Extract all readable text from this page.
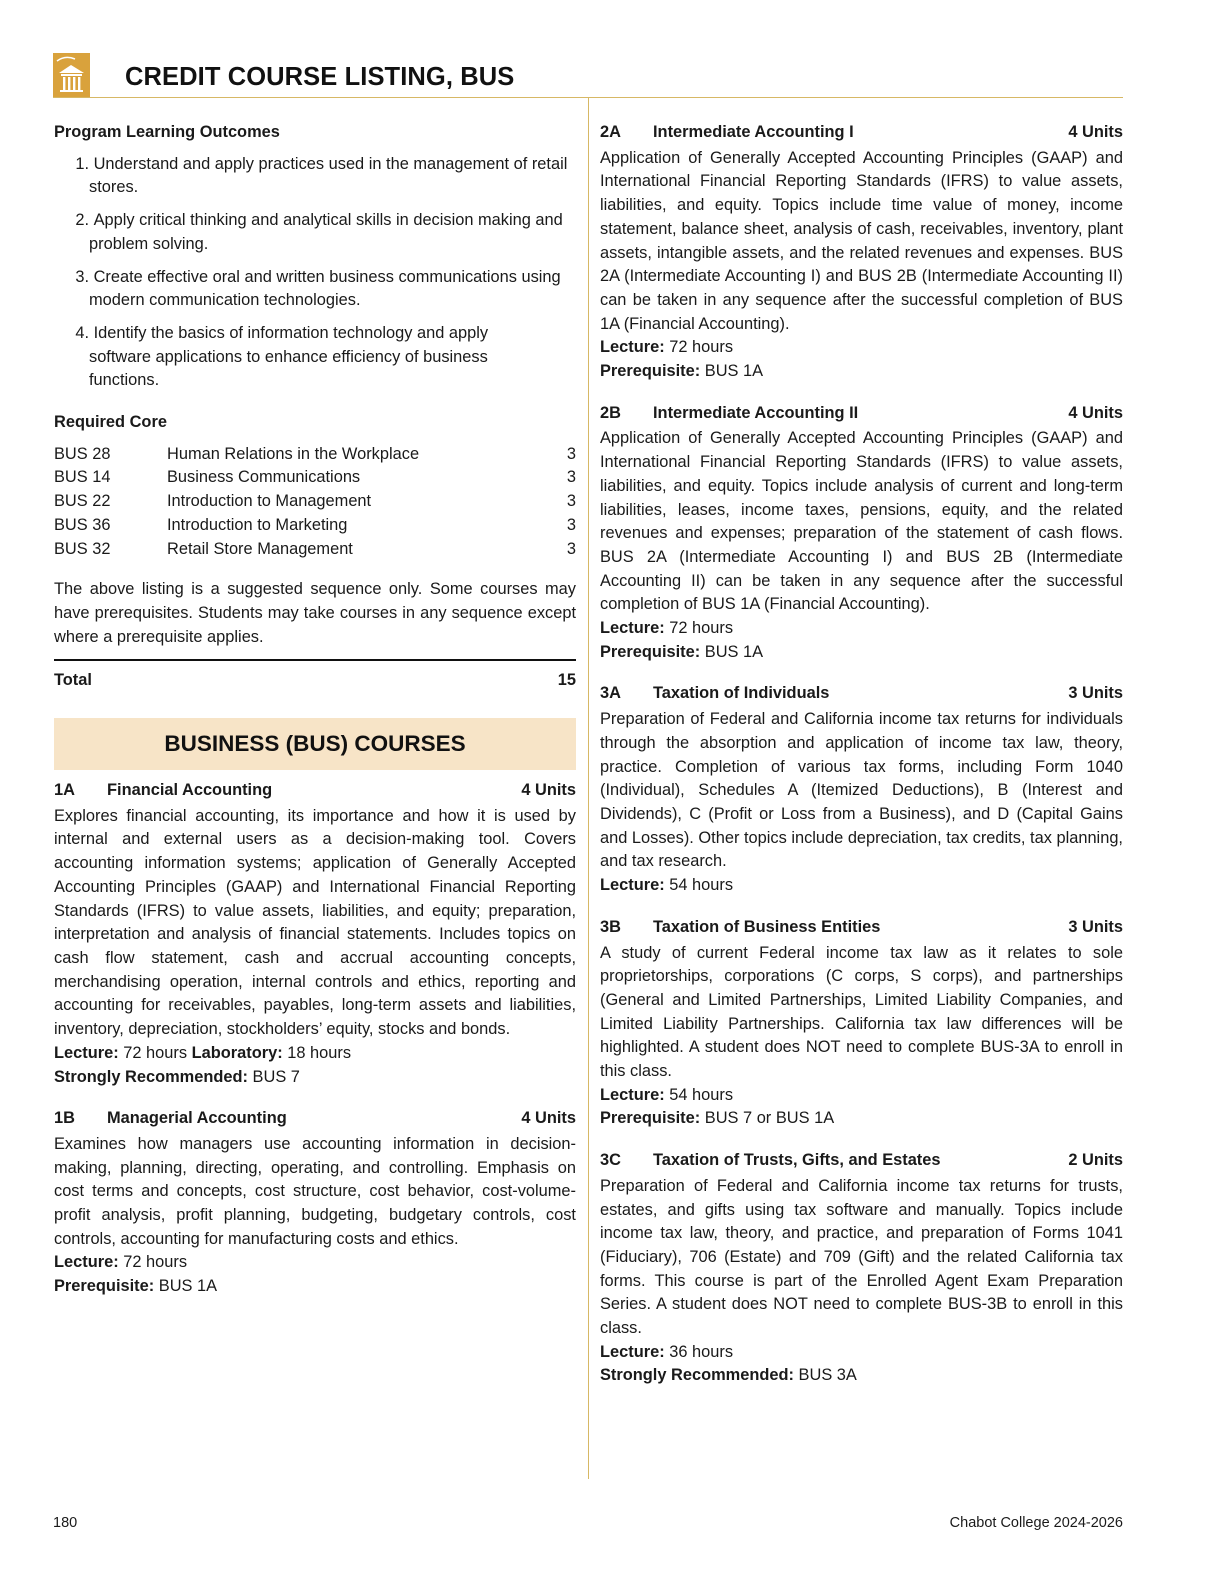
CREDIT COURSE LISTING, BUS

Program Learning Outcomes

1. Understand and apply practices used in the management of retail stores.
2. Apply critical thinking and analytical skills in decision making and problem solving.
3. Create effective oral and written business communications using modern communication technologies.
4. Identify the basics of information technology and apply software applications to enhance efficiency of business functions.

Required Core

BUS 28	Human Relations in the Workplace	3
BUS 14	Business Communications	3
BUS 22	Introduction to Management	3
BUS 36	Introduction to Marketing	3
BUS 32	Retail Store Management	3

The above listing is a suggested sequence only. Some courses may have prerequisites. Students may take courses in any sequence except where a prerequisite applies.

Total	15
BUSINESS (BUS) COURSES
1A	Financial Accounting	4 Units

Explores financial accounting, its importance and how it is used by internal and external users as a decision-making tool. Covers accounting information systems; application of Generally Accepted Accounting Principles (GAAP) and International Financial Reporting Standards (IFRS) to value assets, liabilities, and equity; preparation, interpretation and analysis of financial statements. Includes topics on cash flow statement, cash and accrual accounting concepts, merchandising operation, internal controls and ethics, reporting and accounting for receivables, payables, long-term assets and liabilities, inventory, depreciation, stockholders’ equity, stocks and bonds.

Lecture: 72 hours Laboratory: 18 hours

Strongly Recommended: BUS 7

1B	Managerial Accounting	4 Units

Examines how managers use accounting information in decision-making, planning, directing, operating, and controlling. Emphasis on cost terms and concepts, cost structure, cost behavior, cost-volume-profit analysis, profit planning, budgeting, budgetary controls, cost controls, accounting for manufacturing costs and ethics.

Lecture: 72 hours

Prerequisite: BUS 1A

2A	Intermediate Accounting I	4 Units

Application of Generally Accepted Accounting Principles (GAAP) and International Financial Reporting Standards (IFRS) to value assets, liabilities, and equity. Topics include time value of money, income statement, balance sheet, analysis of cash, receivables, inventory, plant assets, intangible assets, and the related revenues and expenses. BUS 2A (Intermediate Accounting I) and BUS 2B (Intermediate Accounting II) can be taken in any sequence after the successful completion of BUS 1A (Financial Accounting).

Lecture: 72 hours

Prerequisite: BUS 1A

2B	Intermediate Accounting II	4 Units

Application of Generally Accepted Accounting Principles (GAAP) and International Financial Reporting Standards (IFRS) to value assets, liabilities, and equity. Topics include analysis of current and long-term liabilities, leases, income taxes, pensions, equity, and the related revenues and expenses; preparation of the statement of cash flows. BUS 2A (Intermediate Accounting I) and BUS 2B (Intermediate Accounting II) can be taken in any sequence after the successful completion of BUS 1A (Financial Accounting).

Lecture: 72 hours

Prerequisite: BUS 1A

3A	Taxation of Individuals	3 Units

Preparation of Federal and California income tax returns for individuals through the absorption and application of income tax law, theory, practice. Completion of various tax forms, including Form 1040 (Individual), Schedules A (Itemized Deductions), B (Interest and Dividends), C (Profit or Loss from a Business), and D (Capital Gains and Losses). Other topics include depreciation, tax credits, tax planning, and tax research.

Lecture: 54 hours

3B	Taxation of Business Entities	3 Units

A study of current Federal income tax law as it relates to sole proprietorships, corporations (C corps, S corps), and partnerships (General and Limited Partnerships, Limited Liability Companies, and Limited Liability Partnerships. California tax law differences will be highlighted. A student does NOT need to complete BUS-3A to enroll in this class.

Lecture: 54 hours

Prerequisite: BUS 7 or BUS 1A

3C	Taxation of Trusts, Gifts, and Estates	2 Units

Preparation of Federal and California income tax returns for trusts, estates, and gifts using tax software and manually. Topics include income tax law, theory, and practice, and preparation of Forms 1041 (Fiduciary), 706 (Estate) and 709 (Gift) and the related California tax forms. This course is part of the Enrolled Agent Exam Preparation Series. A student does NOT need to complete BUS-3B to enroll in this class.

Lecture: 36 hours

Strongly Recommended: BUS 3A

180	Chabot College 2024-2026
